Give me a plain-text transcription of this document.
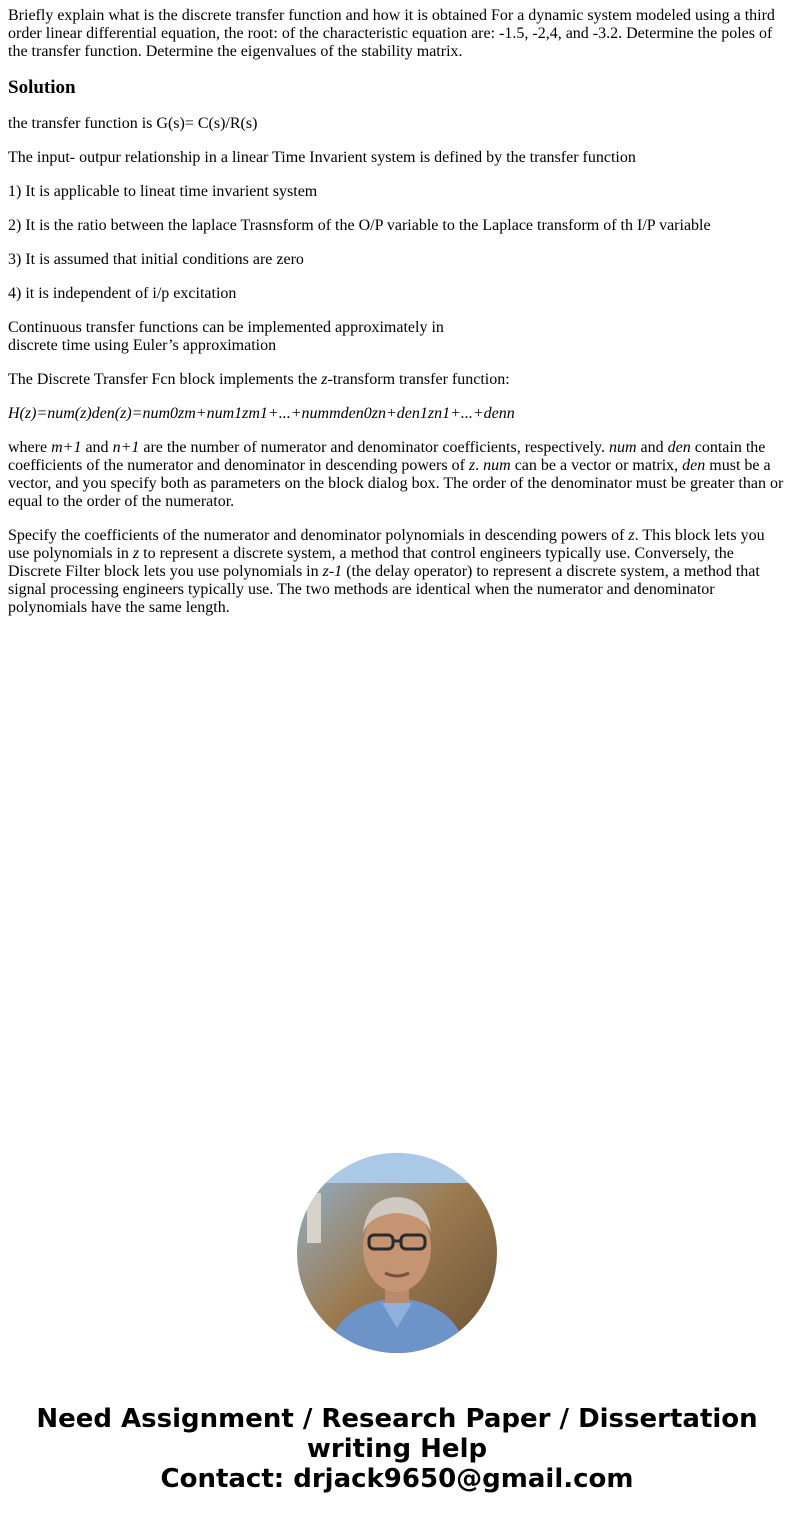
Briefly explain what is the discrete transfer function and how it is obtained For a dynamic system modeled using a third order linear differential equation, the root: of the characteristic equation are: -1.5, -2,4, and -3.2. Determine the poles of the transfer function. Determine the eigenvalues of the stability matrix.

Solution

the transfer function is G(s)= C(s)/R(s)

The input- outpur relationship in a linear Time Invarient system is defined by the transfer function

1) It is applicable to lineat time invarient system

2) It is the ratio between the laplace Trasnsform of the O/P variable to the Laplace transform of th I/P variable

3) It is assumed that initial conditions are zero

4) it is independent of i/p excitation

Continuous transfer functions can be implemented approximately in
discrete time using Euler’s approximation

The Discrete Transfer Fcn block implements the z-transform transfer function:

H(z)=num(z)den(z)=num0zm+num1zm1+...+nummden0zn+den1zn1+...+denn

where m+1 and n+1 are the number of numerator and denominator coefficients, respectively. num and den contain the coefficients of the numerator and denominator in descending powers of z. num can be a vector or matrix, den must be a vector, and you specify both as parameters on the block dialog box. The order of the denominator must be greater than or equal to the order of the numerator.

Specify the coefficients of the numerator and denominator polynomials in descending powers of z. This block lets you use polynomials in z to represent a discrete system, a method that control engineers typically use. Conversely, the Discrete Filter block lets you use polynomials in z-1 (the delay operator) to represent a discrete system, a method that signal processing engineers typically use. The two methods are identical when the numerator and denominator polynomials have the same length.

Need Assignment / Research Paper / Dissertation
writing Help
Contact: drjack9650@gmail.com
